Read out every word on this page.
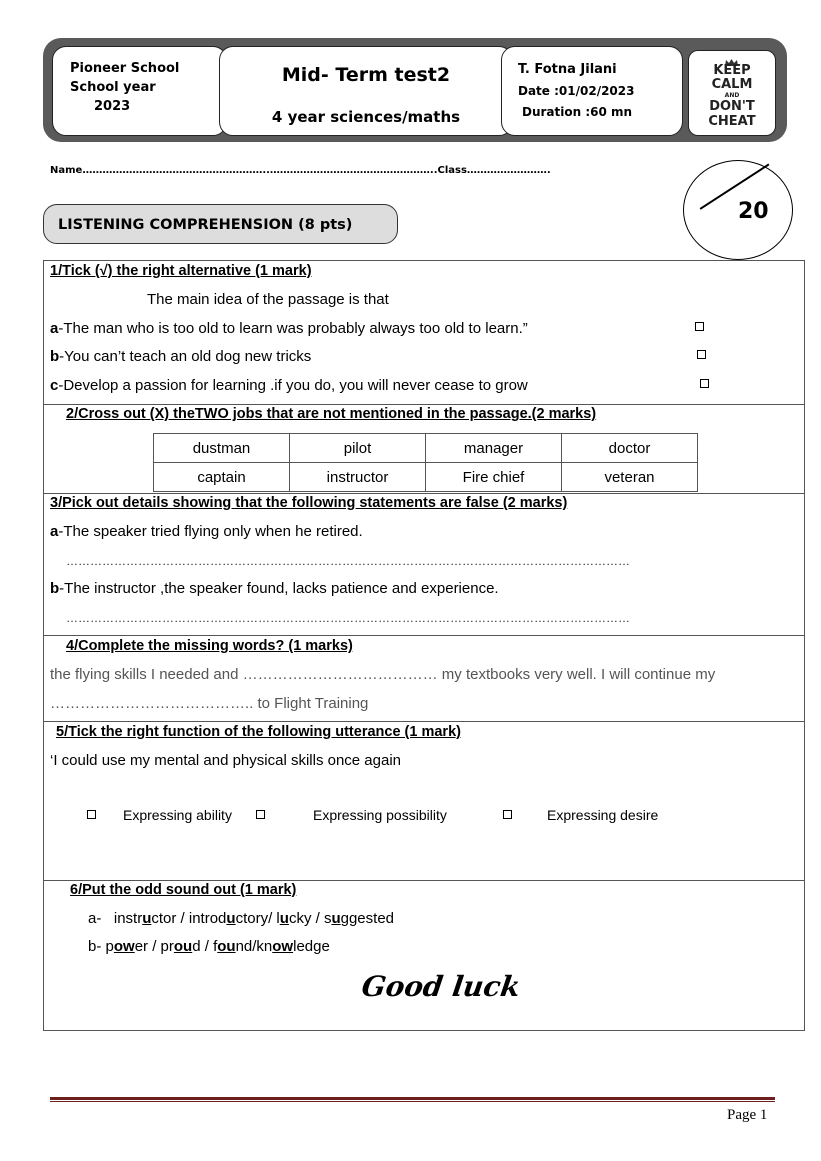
Pioneer School
School year
2023
Mid- Term test2
4 year sciences/maths
T. Fotna Jilani
Date :01/02/2023
Duration :60 mn
KEEP
CALM
AND
DON'T
CHEAT
Name………………………………………………..…………………………………………..Class…………………….
20
LISTENING COMPREHENSION (8 pts)
1/Tick (√) the right alternative (1 mark)
The main idea of the passage is that
a-The man who is too old to learn was probably always too old to learn.”
b-You can’t teach an old dog new tricks
c-Develop a passion for learning .if you do, you will never cease to grow
2/Cross out (X) theTWO jobs that are not mentioned in the passage.(2 marks)
dustman	pilot	manager	doctor
captain	instructor	Fire chief	veteran
3/Pick out details showing that the following statements are false (2 marks)
a-The speaker tried flying only when he retired.
……………………………………………………………………………………………………………………………
b-The instructor ,the speaker found, lacks patience and experience.
……………………………………………………………………………………………………………………………
4/Complete the missing words? (1 marks)
the flying skills I needed and ………………………………… my textbooks very well. I will continue my
………………………………….. to Flight Training
5/Tick the right function of the following utterance (1 mark)
‘I could use my mental and physical skills once again
Expressing ability	Expressing possibility	Expressing desire
6/Put the odd sound out (1 mark)
a- instructor / introductory/ lucky / suggested
b- power / proud / found/knowledge
Good luck
Page 1
